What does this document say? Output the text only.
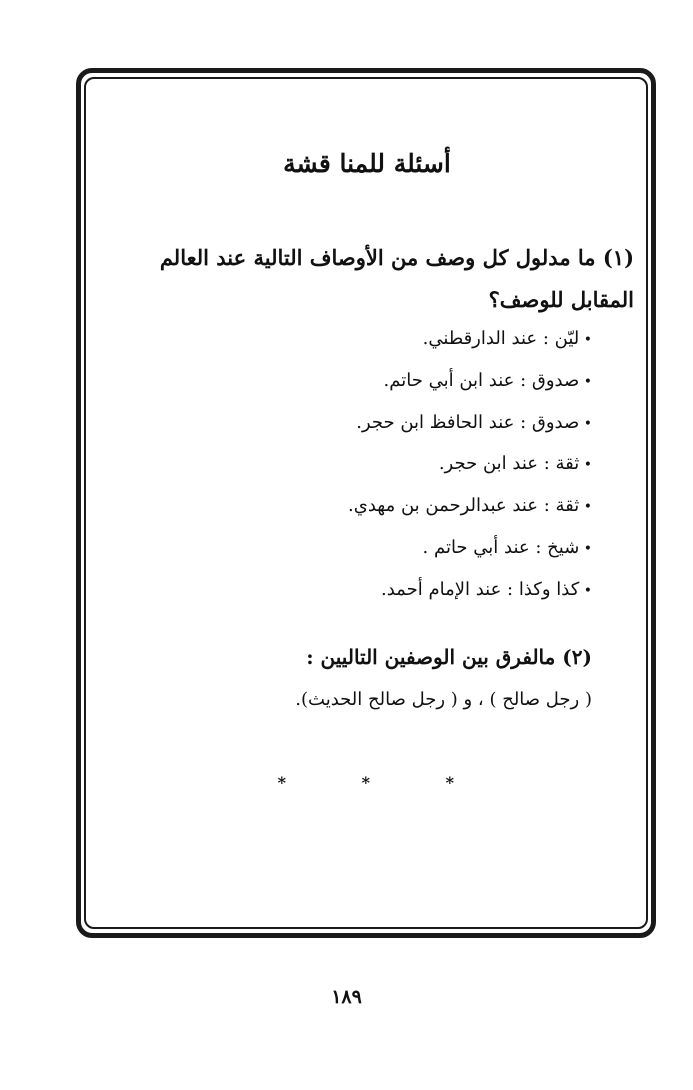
أسئلة للمنا قشة
(١) ما مدلول كل وصف من الأوصاف التالية عند العالم المقابل للوصف؟
• ليّن : عند الدارقطني.
• صدوق : عند ابن أبي حاتم.
• صدوق : عند الحافظ ابن حجر.
• ثقة : عند ابن حجر.
• ثقة : عند عبدالرحمن بن مهدي.
• شيخ : عند أبي حاتم .
• كذا وكذا : عند الإمام أحمد.
(٢) مالفرق بين الوصفين التاليين :
( رجل صالح ) ، و ( رجل صالح الحديث).
*
*
*
١٨٩
